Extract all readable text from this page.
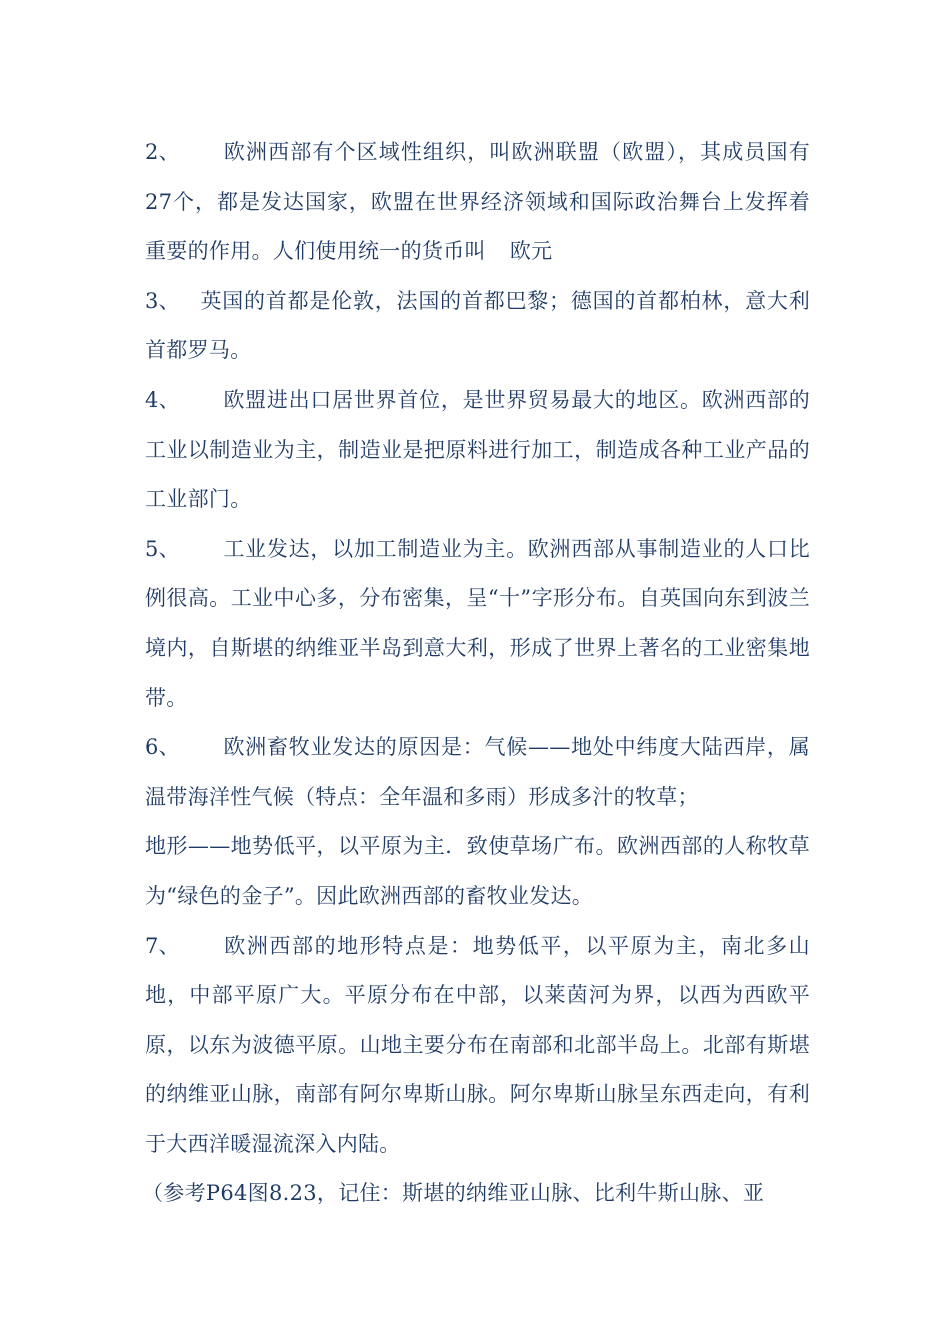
2、 欧洲西部有个区域性组织，叫欧洲联盟（欧盟），其成员国有27个，都是发达国家，欧盟在世界经济领域和国际政治舞台上发挥着重要的作用。人们使用统一的货币叫 欧元

3、 英国的首都是伦敦，法国的首都巴黎；德国的首都柏林，意大利首都罗马。

4、 欧盟进出口居世界首位，是世界贸易最大的地区。欧洲西部的工业以制造业为主，制造业是把原料进行加工，制造成各种工业产品的工业部门。

5、 工业发达，以加工制造业为主。欧洲西部从事制造业的人口比例很高。工业中心多，分布密集，呈“十”字形分布。自英国向东到波兰境内，自斯堪的纳维亚半岛到意大利，形成了世界上著名的工业密集地带。

6、 欧洲畜牧业发达的原因是：气候——地处中纬度大陆西岸，属温带海洋性气候（特点：全年温和多雨）形成多汁的牧草；

地形——地势低平，以平原为主．致使草场广布。欧洲西部的人称牧草为“绿色的金子”。因此欧洲西部的畜牧业发达。

7、 欧洲西部的地形特点是：地势低平，以平原为主，南北多山地，中部平原广大。平原分布在中部，以莱茵河为界，以西为西欧平原，以东为波德平原。山地主要分布在南部和北部半岛上。北部有斯堪的纳维亚山脉，南部有阿尔卑斯山脉。阿尔卑斯山脉呈东西走向，有利于大西洋暖湿流深入内陆。

（参考P64图8.23，记住：斯堪的纳维亚山脉、比利牛斯山脉、亚
